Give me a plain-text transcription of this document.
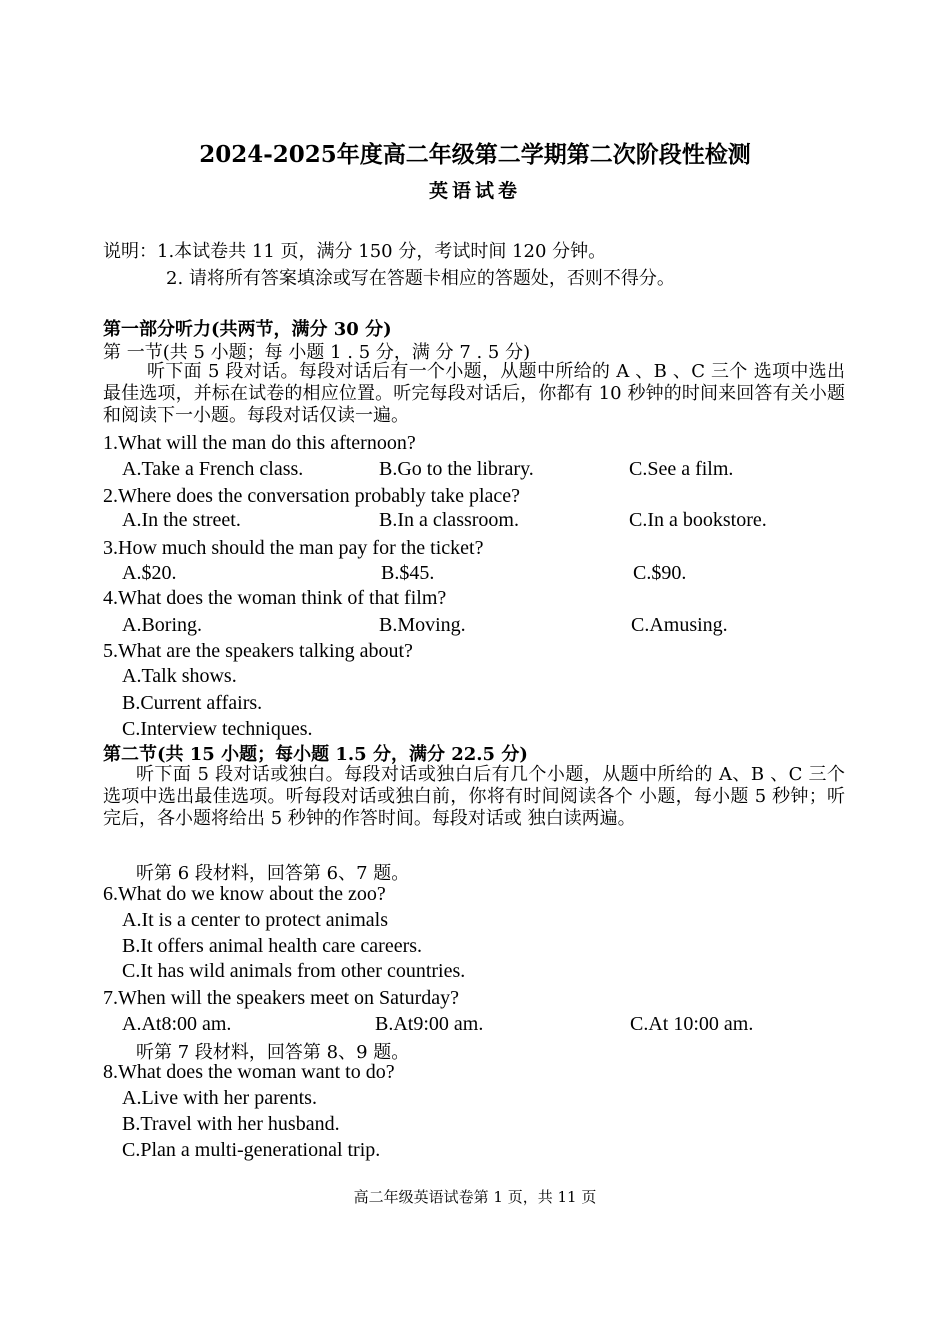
2024-2025年度高二年级第二学期第二次阶段性检测
英语试卷
说明：1.本试卷共 11 页，满分 150 分，考试时间 120 分钟。
2. 请将所有答案填涂或写在答题卡相应的答题处，否则不得分。
第一部分听力(共两节，满分 30 分)
第 一节(共 5 小题；每 小题 1 . 5 分，满 分 7 . 5 分)
听下面 5 段对话。每段对话后有一个小题，从题中所给的 A 、B 、C 三个 选项中选出最佳选项，并标在试卷的相应位置。听完每段对话后，你都有 10 秒钟的时间来回答有关小题和阅读下一小题。每段对话仅读一遍。
1.What will the man do this afternoon?
A.Take a French class.	B.Go to the library.	C.See a film.
2.Where does the conversation probably take place?
A.In the street.	B.In a classroom.	C.In a bookstore.
3.How much should the man pay for the ticket?
A.$20.	B.$45.	C.$90.
4.What does the woman think of that film?
A.Boring.	B.Moving.	C.Amusing.
5.What are the speakers talking about?
A.Talk shows.
B.Current affairs.
C.Interview techniques.
第二节(共 15 小题；每小题 1.5 分，满分 22.5 分)
听下面 5 段对话或独白。每段对话或独白后有几个小题，从题中所给的 A、B 、C 三个选项中选出最佳选项。听每段对话或独白前，你将有时间阅读各个 小题，每小题 5 秒钟；听完后，各小题将给出 5 秒钟的作答时间。每段对话或 独白读两遍。
听第 6 段材料，回答第 6、7 题。
6.What do we know about the zoo?
A.It is a center to protect animals
B.It offers animal health care careers.
C.It has wild animals from other countries.
7.When will the speakers meet on Saturday?
A.At8:00 am.	B.At9:00 am.	C.At 10:00 am.
听第 7 段材料，回答第 8、9 题。
8.What does the woman want to do?
A.Live with her parents.
B.Travel with her husband.
C.Plan a multi-generational trip.
高二年级英语试卷第 1 页，共 11 页
